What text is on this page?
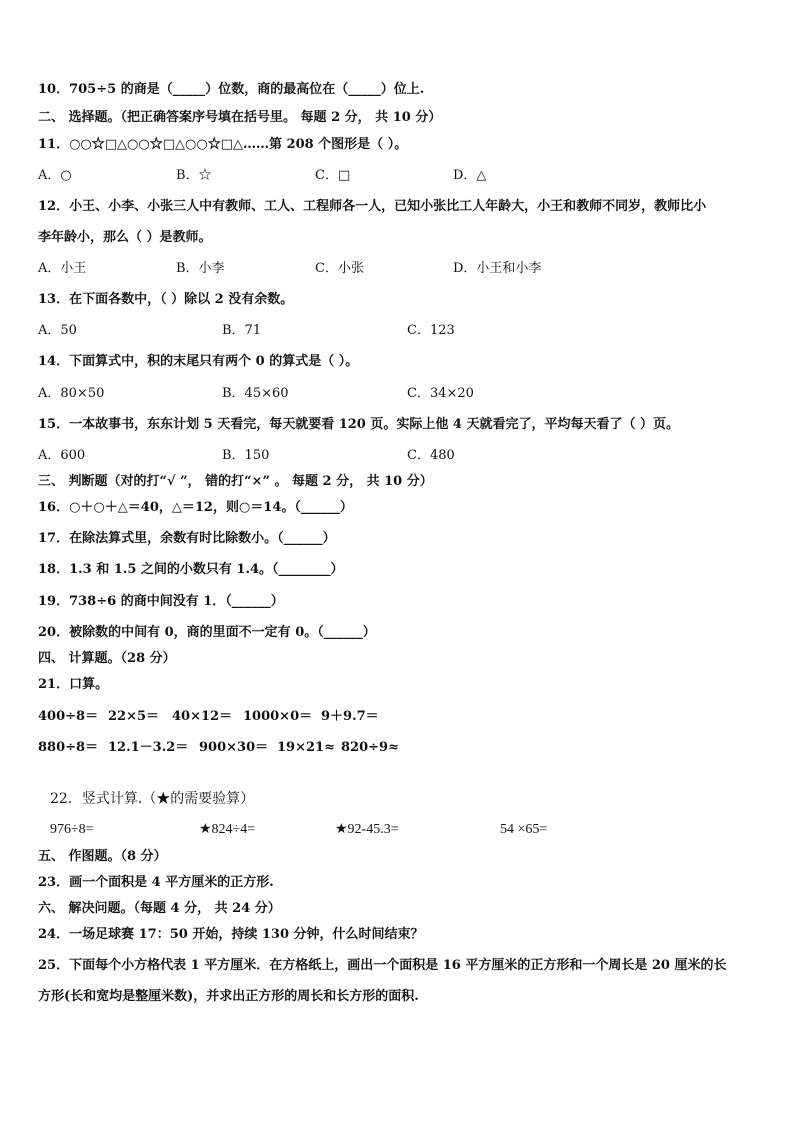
10．705÷5 的商是（_____）位数，商的最高位在（_____）位上.
二、 选择题。（把正确答案序号填在括号里。 每题 2 分， 共 10 分）
11．○○☆□△○○☆□△○○☆□△……第 208 个图形是（ ）。
A．○	B．☆	C．□	D．△
12．小王、小李、小张三人中有教师、工人、工程师各一人，已知小张比工人年龄大，小王和教师不同岁，教师比小
李年龄小，那么（ ）是教师。
A．小王	B．小李	C．小张	D．小王和小李
13．在下面各数中，（ ）除以 2 没有余数。
A．50	B．71	C．123
14．下面算式中，积的末尾只有两个 0 的算式是（ ）。
A．80×50	B．45×60	C．34×20
15．一本故事书，东东计划 5 天看完，每天就要看 120 页。实际上他 4 天就看完了，平均每天看了（ ）页。
A．600	B．150	C．480
三、 判断题（对的打“√ ”， 错的打“×” 。 每题 2 分， 共 10 分）
16．○＋○＋△＝40，△＝12，则○＝14。（______）
17．在除法算式里，余数有时比除数小。（______）
18．1.3 和 1.5 之间的小数只有 1.4。（________）
19．738÷6 的商中间没有 1．（______）
20．被除数的中间有 0，商的里面不一定有 0。（______）
四、 计算题。（28 分）
21．口算。
400÷8＝ 22×5＝ 40×12＝ 1000×0＝ 9＋9.7＝
880÷8＝ 12.1－3.2＝ 900×30＝ 19×21≈ 820÷9≈
22．竖式计算.（★的需要验算）
976÷8=	★824÷4=	★92-45.3=	54 ×65=
五、 作图题。（8 分）
23．画一个面积是 4 平方厘米的正方形.
六、 解决问题。（每题 4 分， 共 24 分）
24．一场足球赛 17：50 开始，持续 130 分钟，什么时间结束？
25．下面每个小方格代表 1 平方厘米．在方格纸上，画出一个面积是 16 平方厘米的正方形和一个周长是 20 厘米的长
方形(长和宽均是整厘米数)，并求出正方形的周长和长方形的面积.
